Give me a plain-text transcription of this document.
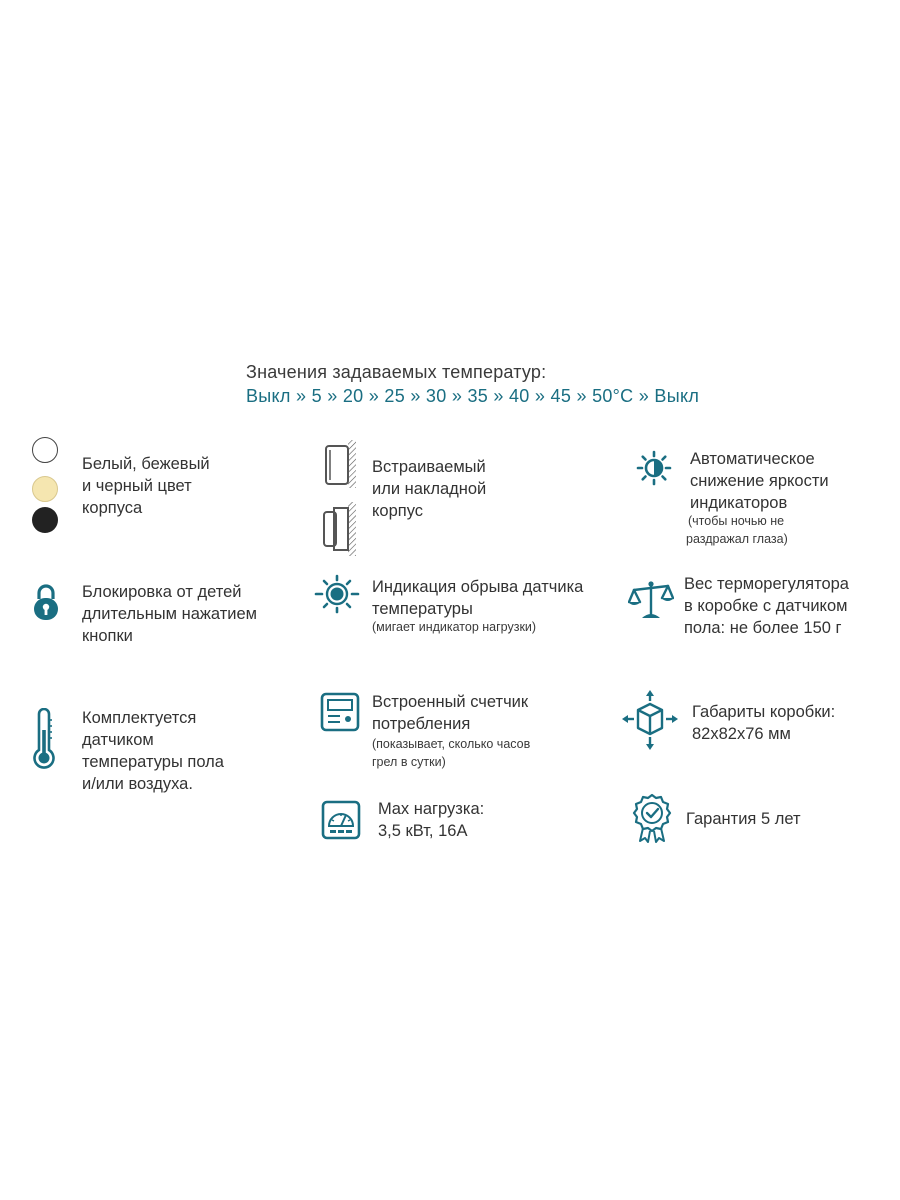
Значения задаваемых температур:
Выкл » 5 » 20 » 25 » 30 » 35 » 40 » 45 » 50°C » Выкл
Белый, бежевый
и черный цвет
корпуса
Встраиваемый
или накладной
корпус
Автоматическое
снижение яркости
индикаторов
(чтобы ночью не
раздражал глаза)
Блокировка от детей
длительным нажатием
кнопки
Индикация обрыва датчика
температуры
(мигает индикатор нагрузки)
Вес терморегулятора
в коробке с датчиком
пола: не более 150 г
Комплектуется
датчиком
температуры пола
и/или воздуха.
Встроенный счетчик
потребления
(показывает, сколько часов
грел в сутки)
Габариты коробки:
82х82х76 мм
Max нагрузка:
3,5 кВт, 16А
Гарантия 5 лет
